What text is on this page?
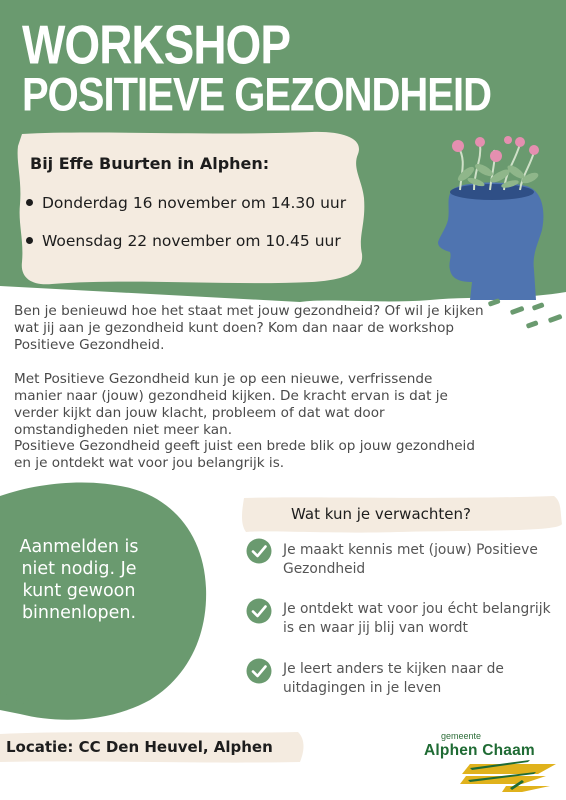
WORKSHOP
POSITIEVE GEZONDHEID
Bij Effe Buurten in Alphen:
Donderdag 16 november om 14.30 uur
Woensdag 22 november om 10.45 uur
Ben je benieuwd hoe het staat met jouw gezondheid? Of wil je kijken wat jij aan je gezondheid kunt doen? Kom dan naar de workshop Positieve Gezondheid.
Met Positieve Gezondheid kun je op een nieuwe, verfrissende manier naar (jouw) gezondheid kijken. De kracht ervan is dat je verder kijkt dan jouw klacht, probleem of dat wat door omstandigheden niet meer kan.
Positieve Gezondheid geeft juist een brede blik op jouw gezondheid en je ontdekt wat voor jou belangrijk is.
Aanmelden is niet nodig. Je kunt gewoon binnenlopen.
Wat kun je verwachten?
Je maakt kennis met (jouw) Positieve Gezondheid
Je ontdekt wat voor jou écht belangrijk is en waar jij blij van wordt
Je leert anders te kijken naar de uitdagingen in je leven
Locatie: CC Den Heuvel, Alphen
gemeente
Alphen Chaam
